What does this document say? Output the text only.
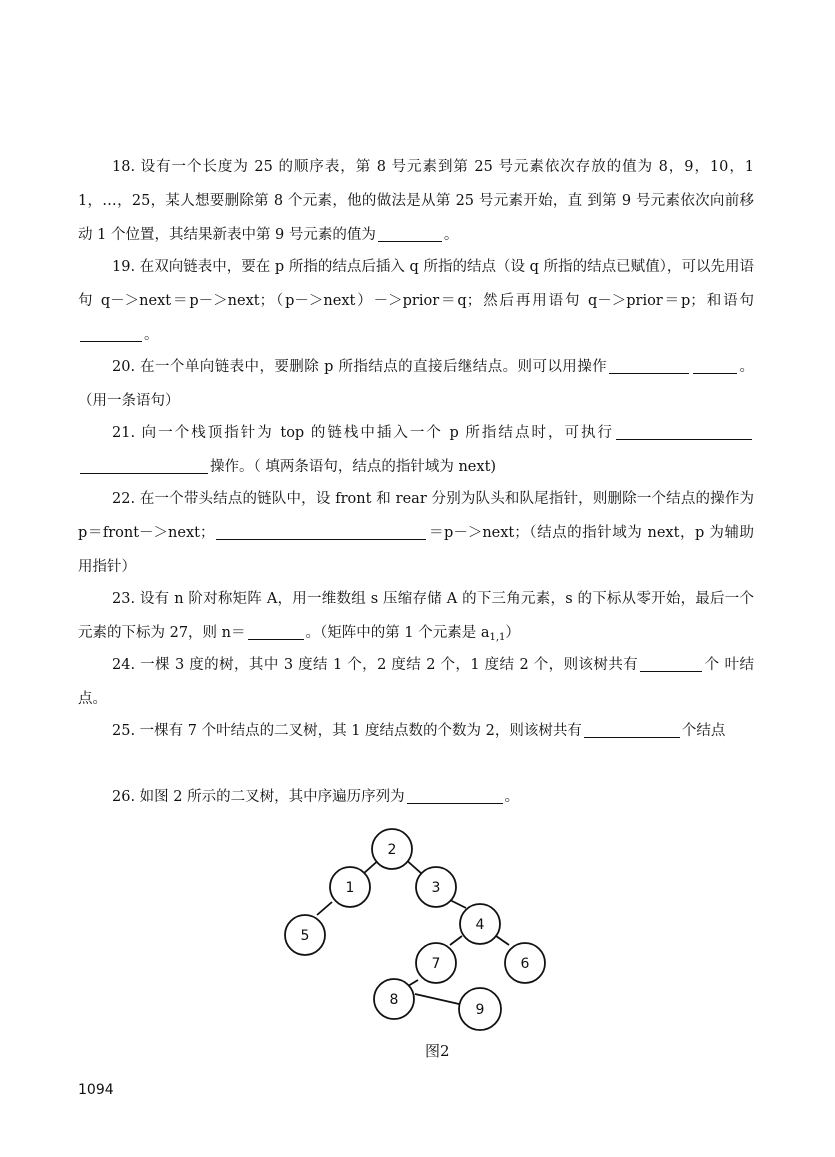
18. 设有一个长度为 25 的顺序表，第 8 号元素到第 25 号元素依次存放的值为 8，9，10，11，…，25，某人想要删除第 8 个元素，他的做法是从第 25 号元素开始，直 到第 9 号元素依次向前移动 1 个位置，其结果新表中第 9 号元素的值为	。
19. 在双向链表中，要在 p 所指的结点后插入 q 所指的结点（设 q 所指的结点已赋值），可以先用语句 q－＞next＝p－＞next；（p－＞next）－＞prior＝q；然后再用语句 q－＞prior＝p；和语句。
20. 在一个单向链表中，要删除 p 所指结点的直接后继结点。则可以用操作	。（用一条语句）
21. 向一个栈顶指针为 top 的链栈中插入一个 p 所指结点时，可执行操作。（ 填两条语句，结点的指针域为 next)
22. 在一个带头结点的链队中，设 front 和 rear 分别为队头和队尾指针，则删除一个结点的操作为 p＝front－＞next；	＝p－＞next；（结点的指针域为 next，p 为辅助用指针）
23. 设有 n 阶对称矩阵 A，用一维数组 s 压缩存储 A 的下三角元素，s 的下标从零开始，最后一个元素的下标为 27，则 n＝	。（矩阵中的第 1 个元素是 $a_{1,1}$）
24. 一棵 3 度的树，其中 3 度结 1 个，2 度结 2 个，1 度结 2 个，则该树共有	个 叶结点。
25. 一棵有 7 个叶结点的二叉树，其 1 度结点数的个数为 2，则该树共有	个结点
26. 如图 2 所示的二叉树，其中序遍历序列为	。
2
1	3
5
4
7	6
8
9
图2
1094
